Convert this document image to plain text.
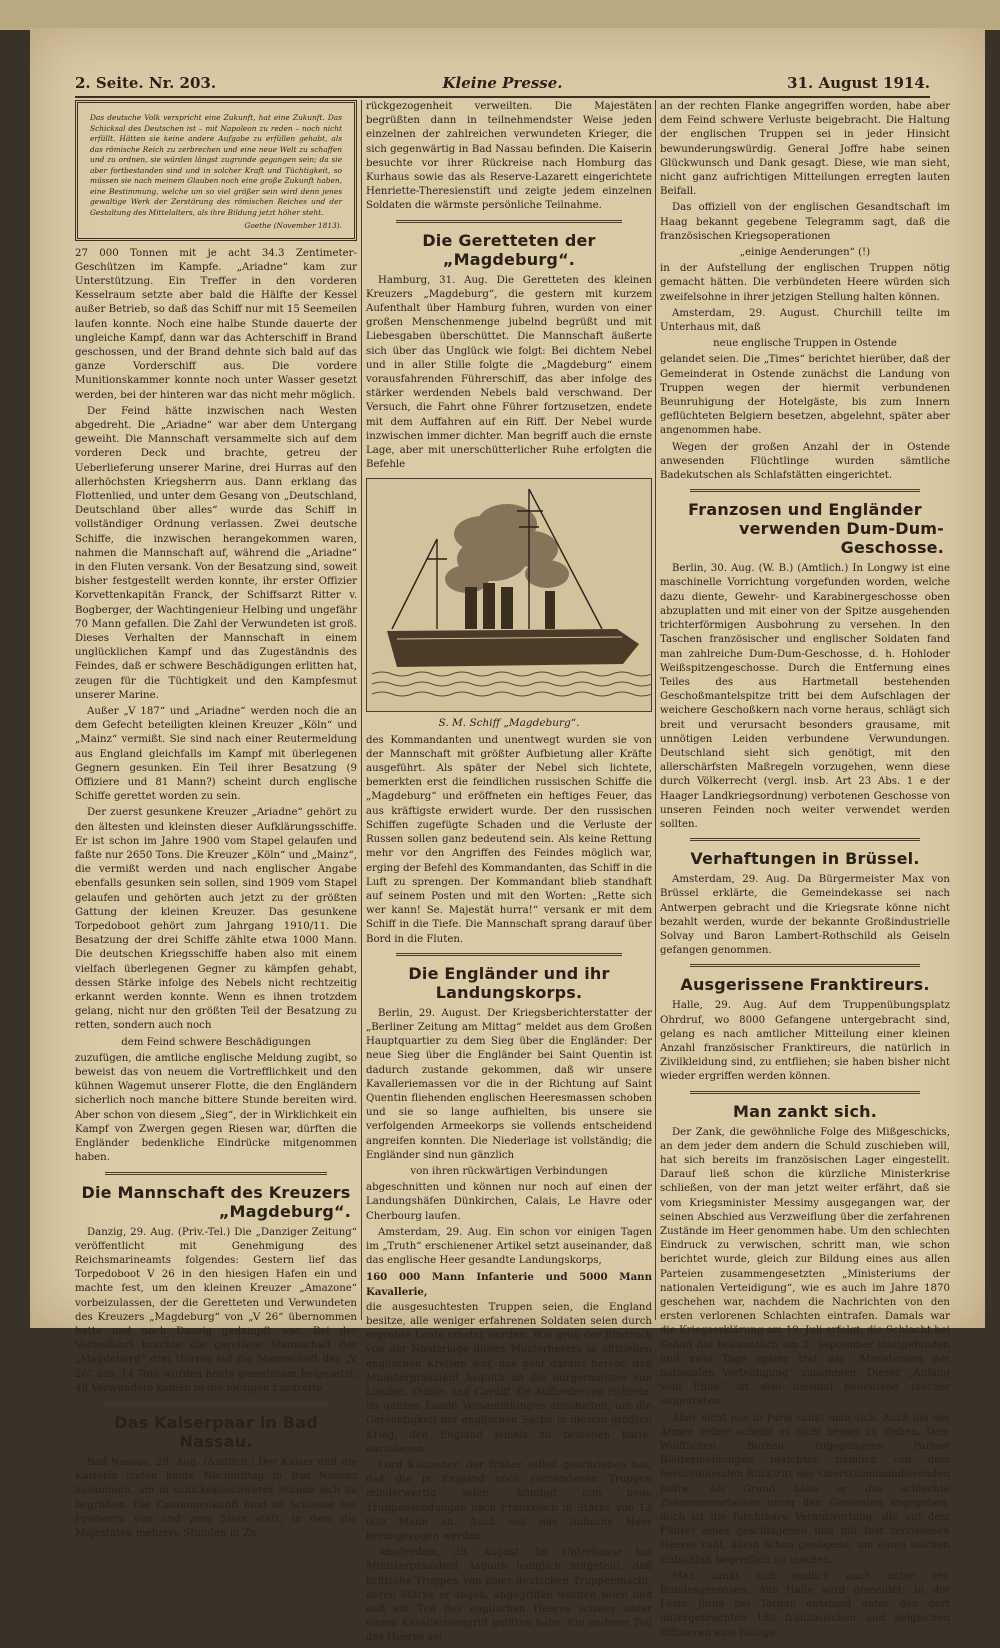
2. Seite. Nr. 203.	Kleine Presse.	31. August 1914.
Das deutsche Volk verspricht eine Zukunft, hat eine Zukunft. Das Schicksal des Deutschen ist – mit Napoleon zu reden – noch nicht erfüllt. Hätten sie keine andere Aufgabe zu erfüllen gehabt, als das römische Reich zu zerbrechen und eine neue Welt zu schaffen und zu ordnen, sie würden längst zugrunde gegangen sein; da sie aber fortbestanden sind und in solcher Kraft und Tüchtigkeit, so müssen sie nach meinem Glauben noch eine große Zukunft haben, eine Bestimmung, welche um so viel größer sein wird denn jenes gewaltige Werk der Zerstörung des römischen Reiches und der Gestaltung des Mittelalters, als ihre Bildung jetzt höher steht.
Goethe (November 1813).

27 000 Tonnen mit je acht 34.3 Zentimeter-Geschützen im Kampfe. „Ariadne“ kam zur Unterstützung. Ein Treffer in den vorderen Kesselraum setzte aber bald die Hälfte der Kessel außer Betrieb, so daß das Schiff nur mit 15 Seemeilen laufen konnte. Noch eine halbe Stunde dauerte der ungleiche Kampf, dann war das Achterschiff in Brand geschossen, und der Brand dehnte sich bald auf das ganze Vorderschiff aus. Die vordere Munitionskammer konnte noch unter Wasser gesetzt werden, bei der hinteren war das nicht mehr möglich.

Der Feind hätte inzwischen nach Westen abgedreht. Die „Ariadne“ war aber dem Untergang geweiht. Die Mannschaft versammelte sich auf dem vorderen Deck und brachte, getreu der Ueberlieferung unserer Marine, drei Hurras auf den allerhöchsten Kriegsherrn aus. Dann erklang das Flottenlied, und unter dem Gesang von „Deutschland, Deutschland über alles“ wurde das Schiff in vollständiger Ordnung verlassen. Zwei deutsche Schiffe, die inzwischen herangekommen waren, nahmen die Mannschaft auf, während die „Ariadne“ in den Fluten versank. Von der Besatzung sind, soweit bisher festgestellt werden konnte, ihr erster Offizier Korvettenkapitän Franck, der Schiffsarzt Ritter v. Bogberger, der Wachtingenieur Helbing und ungefähr 70 Mann gefallen. Die Zahl der Verwundeten ist groß. Dieses Verhalten der Mannschaft in einem unglücklichen Kampf und das Zugeständnis des Feindes, daß er schwere Beschädigungen erlitten hat, zeugen für die Tüchtigkeit und den Kampfesmut unserer Marine.

Außer „V 187“ und „Ariadne“ werden noch die an dem Gefecht beteiligten kleinen Kreuzer „Köln“ und „Mainz“ vermißt. Sie sind nach einer Reutermeldung aus England gleichfalls im Kampf mit überlegenen Gegnern gesunken. Ein Teil ihrer Besatzung (9 Offiziere und 81 Mann?) scheint durch englische Schiffe gerettet worden zu sein.

Der zuerst gesunkene Kreuzer „Ariadne“ gehört zu den ältesten und kleinsten dieser Aufklärungsschiffe. Er ist schon im Jahre 1900 vom Stapel gelaufen und faßte nur 2650 Tons. Die Kreuzer „Köln“ und „Mainz“, die vermißt werden und nach englischer Angabe ebenfalls gesunken sein sollen, sind 1909 vom Stapel gelaufen und gehörten auch jetzt zu der größten Gattung der kleinen Kreuzer. Das gesunkene Torpedoboot gehört zum Jahrgang 1910/11. Die Besatzung der drei Schiffe zählte etwa 1000 Mann. Die deutschen Kriegsschiffe haben also mit einem vielfach überlegenen Gegner zu kämpfen gehabt, dessen Stärke infolge des Nebels nicht rechtzeitig erkannt werden konnte. Wenn es ihnen trotzdem gelang, nicht nur den größten Teil der Besatzung zu retten, sondern auch noch

dem Feind schwere Beschädigungen

zuzufügen, die amtliche englische Meldung zugibt, so beweist das von neuem die Vortrefflichkeit und den kühnen Wagemut unserer Flotte, die den Engländern sicherlich noch manche bittere Stunde bereiten wird. Aber schon von diesem „Sieg“, der in Wirklichkeit ein Kampf von Zwergen gegen Riesen war, dürften die Engländer bedenkliche Eindrücke mitgenommen haben.

Die Mannschaft des Kreuzers
„Magdeburg“.

Danzig, 29. Aug. (Priv.-Tel.) Die „Danziger Zeitung“ veröffentlicht mit Genehmigung des Reichsmarineamts folgendes: Gestern lief das Torpedoboot V 26 in den hiesigen Hafen ein und machte fest, um den kleinen Kreuzer „Amazone“ vorbeizulassen, der die Geretteten und Verwundeten des Kreuzers „Magdeburg“ von „V 26“ übernommen hatte und nach Danzig gedampft war. Bei der Vorbeifahrt brachte die gerettete Mannschaft der „Magdeburg“ drei Hurras auf die Mannschaft des „V 26“ aus. 14 Tote wurden heute gemeinsam beigesetzt. 40 Verwundete kamen in die hiesigen Lazarette.

Das Kaiserpaar in Bad Nassau.

Bad Nassau, 29. Aug. (Amtlich.) Der Kaiser und die Kaiserin trafen heute Nachmittag in Bad Nassau zusammen, um in schicksalsschwerer Stunde sich zu begrüßen. Die Zusammenkunft fand im Schlosse des Freiherrn von und zum Stein statt, in dem die Majestäten mehrere Stunden in Zu-

rückgezogenheit verweilten. Die Majestäten begrüßten dann in teilnehmendster Weise jeden einzelnen der zahlreichen verwundeten Krieger, die sich gegenwärtig in Bad Nassau befinden. Die Kaiserin besuchte vor ihrer Rückreise nach Homburg das Kurhaus sowie das als Reserve-Lazarett eingerichtete Henriette-Theresienstift und zeigte jedem einzelnen Soldaten die wärmste persönliche Teilnahme.

Die Geretteten der „Magdeburg“.

Hamburg, 31. Aug. Die Geretteten des kleinen Kreuzers „Magdeburg“, die gestern mit kurzem Aufenthalt über Hamburg fuhren, wurden von einer großen Menschenmenge jubelnd begrüßt und mit Liebesgaben überschüttet. Die Mannschaft äußerte sich über das Unglück wie folgt: Bei dichtem Nebel und in aller Stille folgte die „Magdeburg“ einem vorausfahrenden Führerschiff, das aber infolge des stärker werdenden Nebels bald verschwand. Der Versuch, die Fahrt ohne Führer fortzusetzen, endete mit dem Auffahren auf ein Riff. Der Nebel wurde inzwischen immer dichter. Man begriff auch die ernste Lage, aber mit unerschütterlicher Ruhe erfolgten die Befehle

S. M. Schiff „Magdeburg“.

des Kommandanten und unentwegt wurden sie von der Mannschaft mit größter Aufbietung aller Kräfte ausgeführt. Als später der Nebel sich lichtete, bemerkten erst die feindlichen russischen Schiffe die „Magdeburg“ und eröffneten ein heftiges Feuer, das aus kräftigste erwidert wurde. Der den russischen Schiffen zugefügte Schaden und die Verluste der Russen sollen ganz bedeutend sein. Als keine Rettung mehr vor den Angriffen des Feindes möglich war, erging der Befehl des Kommandanten, das Schiff in die Luft zu sprengen. Der Kommandant blieb standhaft auf seinem Posten und mit den Worten: „Rette sich wer kann! Se. Majestät hurra!“ versank er mit dem Schiff in die Tiefe. Die Mannschaft sprang darauf über Bord in die Fluten.

Die Engländer und ihr Landungskorps.

Berlin, 29. August. Der Kriegsberichterstatter der „Berliner Zeitung am Mittag“ meldet aus dem Großen Hauptquartier zu dem Sieg über die Engländer: Der neue Sieg über die Engländer bei Saint Quentin ist dadurch zustande gekommen, daß wir unsere Kavalleriemassen vor die in der Richtung auf Saint Quentin fliehenden englischen Heeresmassen schoben und sie so lange aufhielten, bis unsere sie verfolgenden Armeekorps sie vollends entscheidend angreifen konnten. Die Niederlage ist vollständig; die Engländer sind nun gänzlich

von ihren rückwärtigen Verbindungen

abgeschnitten und können nur noch auf einen der Landungshäfen Dünkirchen, Calais, Le Havre oder Cherbourg laufen.

Amsterdam, 29. Aug. Ein schon vor einigen Tagen im „Truth“ erschienener Artikel setzt auseinander, daß das englische Heer gesandte Landungskorps,

160 000 Mann Infanterie und 5000 Mann Kavallerie,

die ausgesuchtesten Truppen seien, die England besitze, alle weniger erfahrenen Soldaten seien durch erprobte Leute ersetzt worden. Wie groß der Eindruck von der Niederlage dieses Musterheeres in offiziellen englischen Kreisen war, das geht daraus hervor, daß Ministerpräsident Asquith an die Bürgermeister von London, Dublin und Cardiff die Aufforderung richtete, im ganzen Lande Versammlungen abzuhalten, um die Gerechtigkeit der englischen Sache in diesem größten Krieg, den England jemals zu bestehen hatte, darzulegen.

Lord Kitchener, der früher selbst geschrieben hat, daß die in England noch vorhandenen Truppen minderwertig seien, kündigt nun neue Truppensendungen nach Frankreich in Stärke von 12 000 Mann an. Auch soll das indische Heer herangezogen werden.

Amsterdam, 29. August. Im Unterhause hat Ministerpräsident Asquith lediglich mitgeteilt, daß britische Truppen von einer deutschen Truppenmacht, deren Stärke er angab, angegriffen worden seien und daß ein Teil des englischen Heeres schwer unter einem Kavallerieangriff gelitten habe. Ein anderer Teil des Heeres sei

an der rechten Flanke angegriffen worden, habe aber dem Feind schwere Verluste beigebracht. Die Haltung der englischen Truppen sei in jeder Hinsicht bewunderungswürdig. General Joffre habe seinen Glückwunsch und Dank gesagt. Diese, wie man sieht, nicht ganz aufrichtigen Mitteilungen erregten lauten Beifall.

Das offiziell von der englischen Gesandtschaft im Haag bekannt gegebene Telegramm sagt, daß die französischen Kriegsoperationen

„einige Aenderungen“ (!)

in der Aufstellung der englischen Truppen nötig gemacht hätten. Die verbündeten Heere würden sich zweifelsohne in ihrer jetzigen Stellung halten können.

Amsterdam, 29. August. Churchill teilte im Unterhaus mit, daß

neue englische Truppen in Ostende

gelandet seien. Die „Times“ berichtet hierüber, daß der Gemeinderat in Ostende zunächst die Landung von Truppen wegen der hiermit verbundenen Beunruhigung der Hotelgäste, bis zum Innern geflüchteten Belgiern besetzen, abgelehnt, später aber angenommen habe.

Wegen der großen Anzahl der in Ostende anwesenden Flüchtlinge wurden sämtliche Badekutschen als Schlafstätten eingerichtet.

Franzosen und Engländer
verwenden Dum-Dum-Geschosse.

Berlin, 30. Aug. (W. B.) (Amtlich.) In Longwy ist eine maschinelle Vorrichtung vorgefunden worden, welche dazu diente, Gewehr- und Karabinergeschosse oben abzuplatten und mit einer von der Spitze ausgehenden trichterförmigen Ausbohrung zu versehen. In den Taschen französischer und englischer Soldaten fand man zahlreiche Dum-Dum-Geschosse, d. h. Hohloder Weißspitzengeschosse. Durch die Entfernung eines Teiles des aus Hartmetall bestehenden Geschoßmantelspitze tritt bei dem Aufschlagen der weichere Geschoßkern nach vorne heraus, schlägt sich breit und verursacht besonders grausame, mit unnötigen Leiden verbundene Verwundungen. Deutschland sieht sich genötigt, mit den allerschärfsten Maßregeln vorzugehen, wenn diese durch Völkerrecht (vergl. insb. Art 23 Abs. 1 e der Haager Landkriegsordnung) verbotenen Geschosse von unseren Feinden noch weiter verwendet werden sollten.

Verhaftungen in Brüssel.

Amsterdam, 29. Aug. Da Bürgermeister Max von Brüssel erklärte, die Gemeindekasse sei nach Antwerpen gebracht und die Kriegsrate könne nicht bezahlt werden, wurde der bekannte Großindustrielle Solvay und Baron Lambert-Rothschild als Geiseln gefangen genommen.

Ausgerissene Franktireurs.

Halle, 29. Aug. Auf dem Truppenübungsplatz Ohrdruf, wo 8000 Gefangene untergebracht sind, gelang es nach amtlicher Mitteilung einer kleinen Anzahl französischer Franktireurs, die natürlich in Zivilkleidung sind, zu entfliehen; sie haben bisher nicht wieder ergriffen werden können.

Man zankt sich.

Der Zank, die gewöhnliche Folge des Mißgeschicks, an dem jeder dem andern die Schuld zuschieben will, hat sich bereits im französischen Lager eingestellt. Darauf ließ schon die kürzliche Ministerkrise schließen, von der man jetzt weiter erfährt, daß sie vom Kriegsminister Messimy ausgegangen war, der seinen Abschied aus Verzweiflung über die zerfahrenen Zustände im Heer genommen habe. Um den schlechten Eindruck zu verwischen, schritt man, wie schon berichtet wurde, gleich zur Bildung eines aus allen Parteien zusammengesetzten „Ministeriums der nationalen Verteidigung“, wie es auch im Jahre 1870 geschehen war, nachdem die Nachrichten von den ersten verlorenen Schlachten eintrafen. Damals war die Kriegserklärung am 19. Juli erfolgt, die Schlacht bei Sedan hat bekanntlich am 2. September stattgefunden und zwei Tage später trat das „Ministerium der nationalen Verteidigung“ zusammen. Dieser „Anfang vom Ende“ ist also diesmal bedeutend rascher eingetreten.

Aber nicht nur in Paris zankt man sich. Auch bei der Armee selber scheint es nicht besser zu stehen. Dem Wolffschen Bureau zugegangene Pariser Blättermeldungen berichten nämlich von dem bevorstehenden Rücktritt des Oberstkommandierenden Joffre. Als Grund habe er das schlechte Zusammenarbeiten unter den Generälen angegeben, doch ist die furchtbare Verantwortung, die auf dem Führer eines geschlagenen und mit fast zerrissenen Heeres ruht, allein schon genügend, um einen solchen Entschluß begreiflich zu machen.

Man zankt sich endlich auch unter den Bundesgenossen. Aus Halle wird gemeldet: In der Feste Jinna bei Torgau entstand unter den dort untergebrachten 180 französischen und belgischen Offizieren eine blutige
